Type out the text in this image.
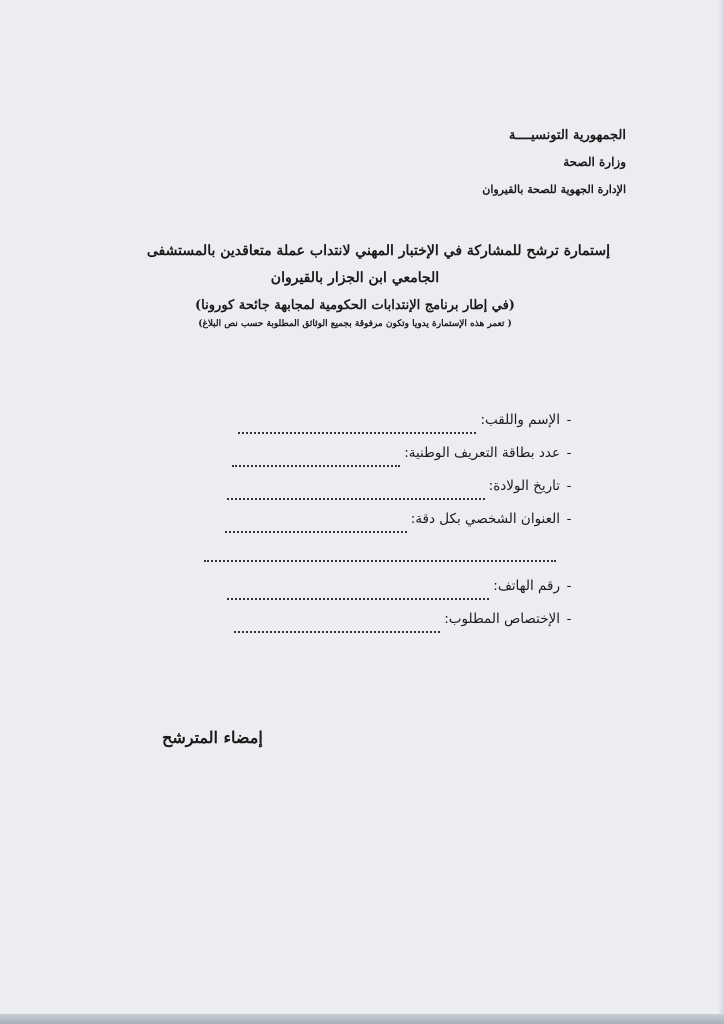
الجمهورية التونسيــــة
وزارة الصحة
الإدارة الجهوية للصحة بالقيروان
إستمارة ترشح للمشاركة في الإختبار المهني لانتداب عملة متعاقدين بالمستشفى
الجامعي ابن الجزار بالقيروان
(في إطار برنامج الإنتدابات الحكومية لمجابهة جائحة كورونا)
( تعمر هذه الإستمارة يدويا وتكون مرفوقة بجميع الوثائق المطلوبة حسب نص البلاغ)
-
الإسم واللقب:
-
عدد بطاقة التعريف الوطنية:
-
تاريخ الولادة:
-
العنوان الشخصي بكل دقة:
-
رقم الهاتف:
-
الإختصاص المطلوب:
إمضاء المترشح
